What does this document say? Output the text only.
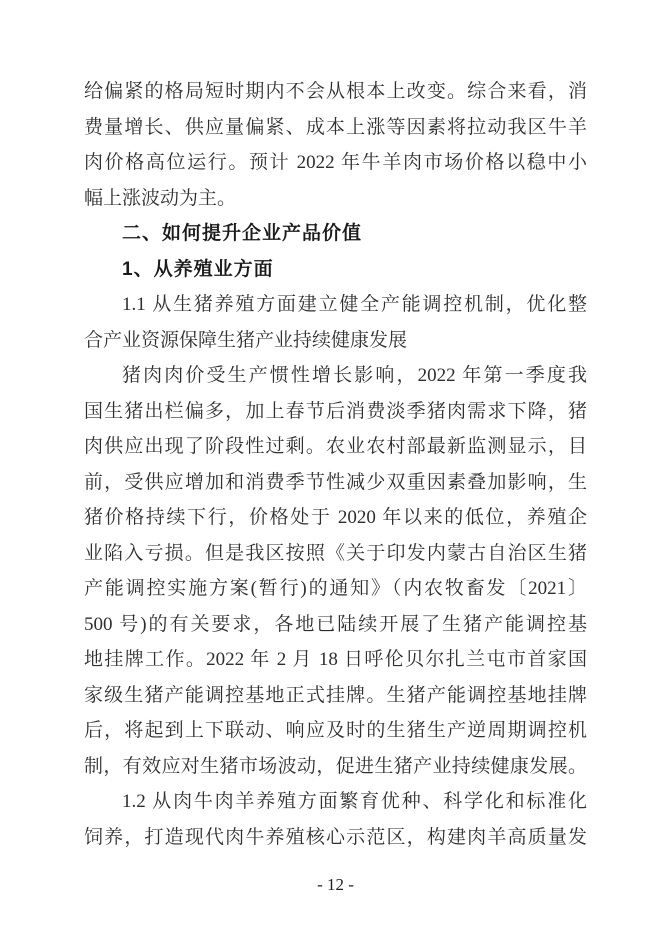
给偏紧的格局短时期内不会从根本上改变。综合来看，消
费量增长、供应量偏紧、成本上涨等因素将拉动我区牛羊
肉价格高位运行。预计 2022 年牛羊肉市场价格以稳中小
幅上涨波动为主。
二、如何提升企业产品价值
1、从养殖业方面
1.1 从生猪养殖方面建立健全产能调控机制，优化整
合产业资源保障生猪产业持续健康发展
猪肉肉价受生产惯性增长影响，2022 年第一季度我
国生猪出栏偏多，加上春节后消费淡季猪肉需求下降，猪
肉供应出现了阶段性过剩。农业农村部最新监测显示，目
前，受供应增加和消费季节性减少双重因素叠加影响，生
猪价格持续下行，价格处于 2020 年以来的低位，养殖企
业陷入亏损。但是我区按照《关于印发内蒙古自治区生猪
产能调控实施方案(暂行)的通知》（内农牧畜发〔2021〕
500 号)的有关要求，各地已陆续开展了生猪产能调控基
地挂牌工作。2022 年 2 月 18 日呼伦贝尔扎兰屯市首家国
家级生猪产能调控基地正式挂牌。生猪产能调控基地挂牌
后，将起到上下联动、响应及时的生猪生产逆周期调控机
制，有效应对生猪市场波动，促进生猪产业持续健康发展。
1.2 从肉牛肉羊养殖方面繁育优种、科学化和标准化
饲养，打造现代肉牛养殖核心示范区，构建肉羊高质量发
- 12 -
